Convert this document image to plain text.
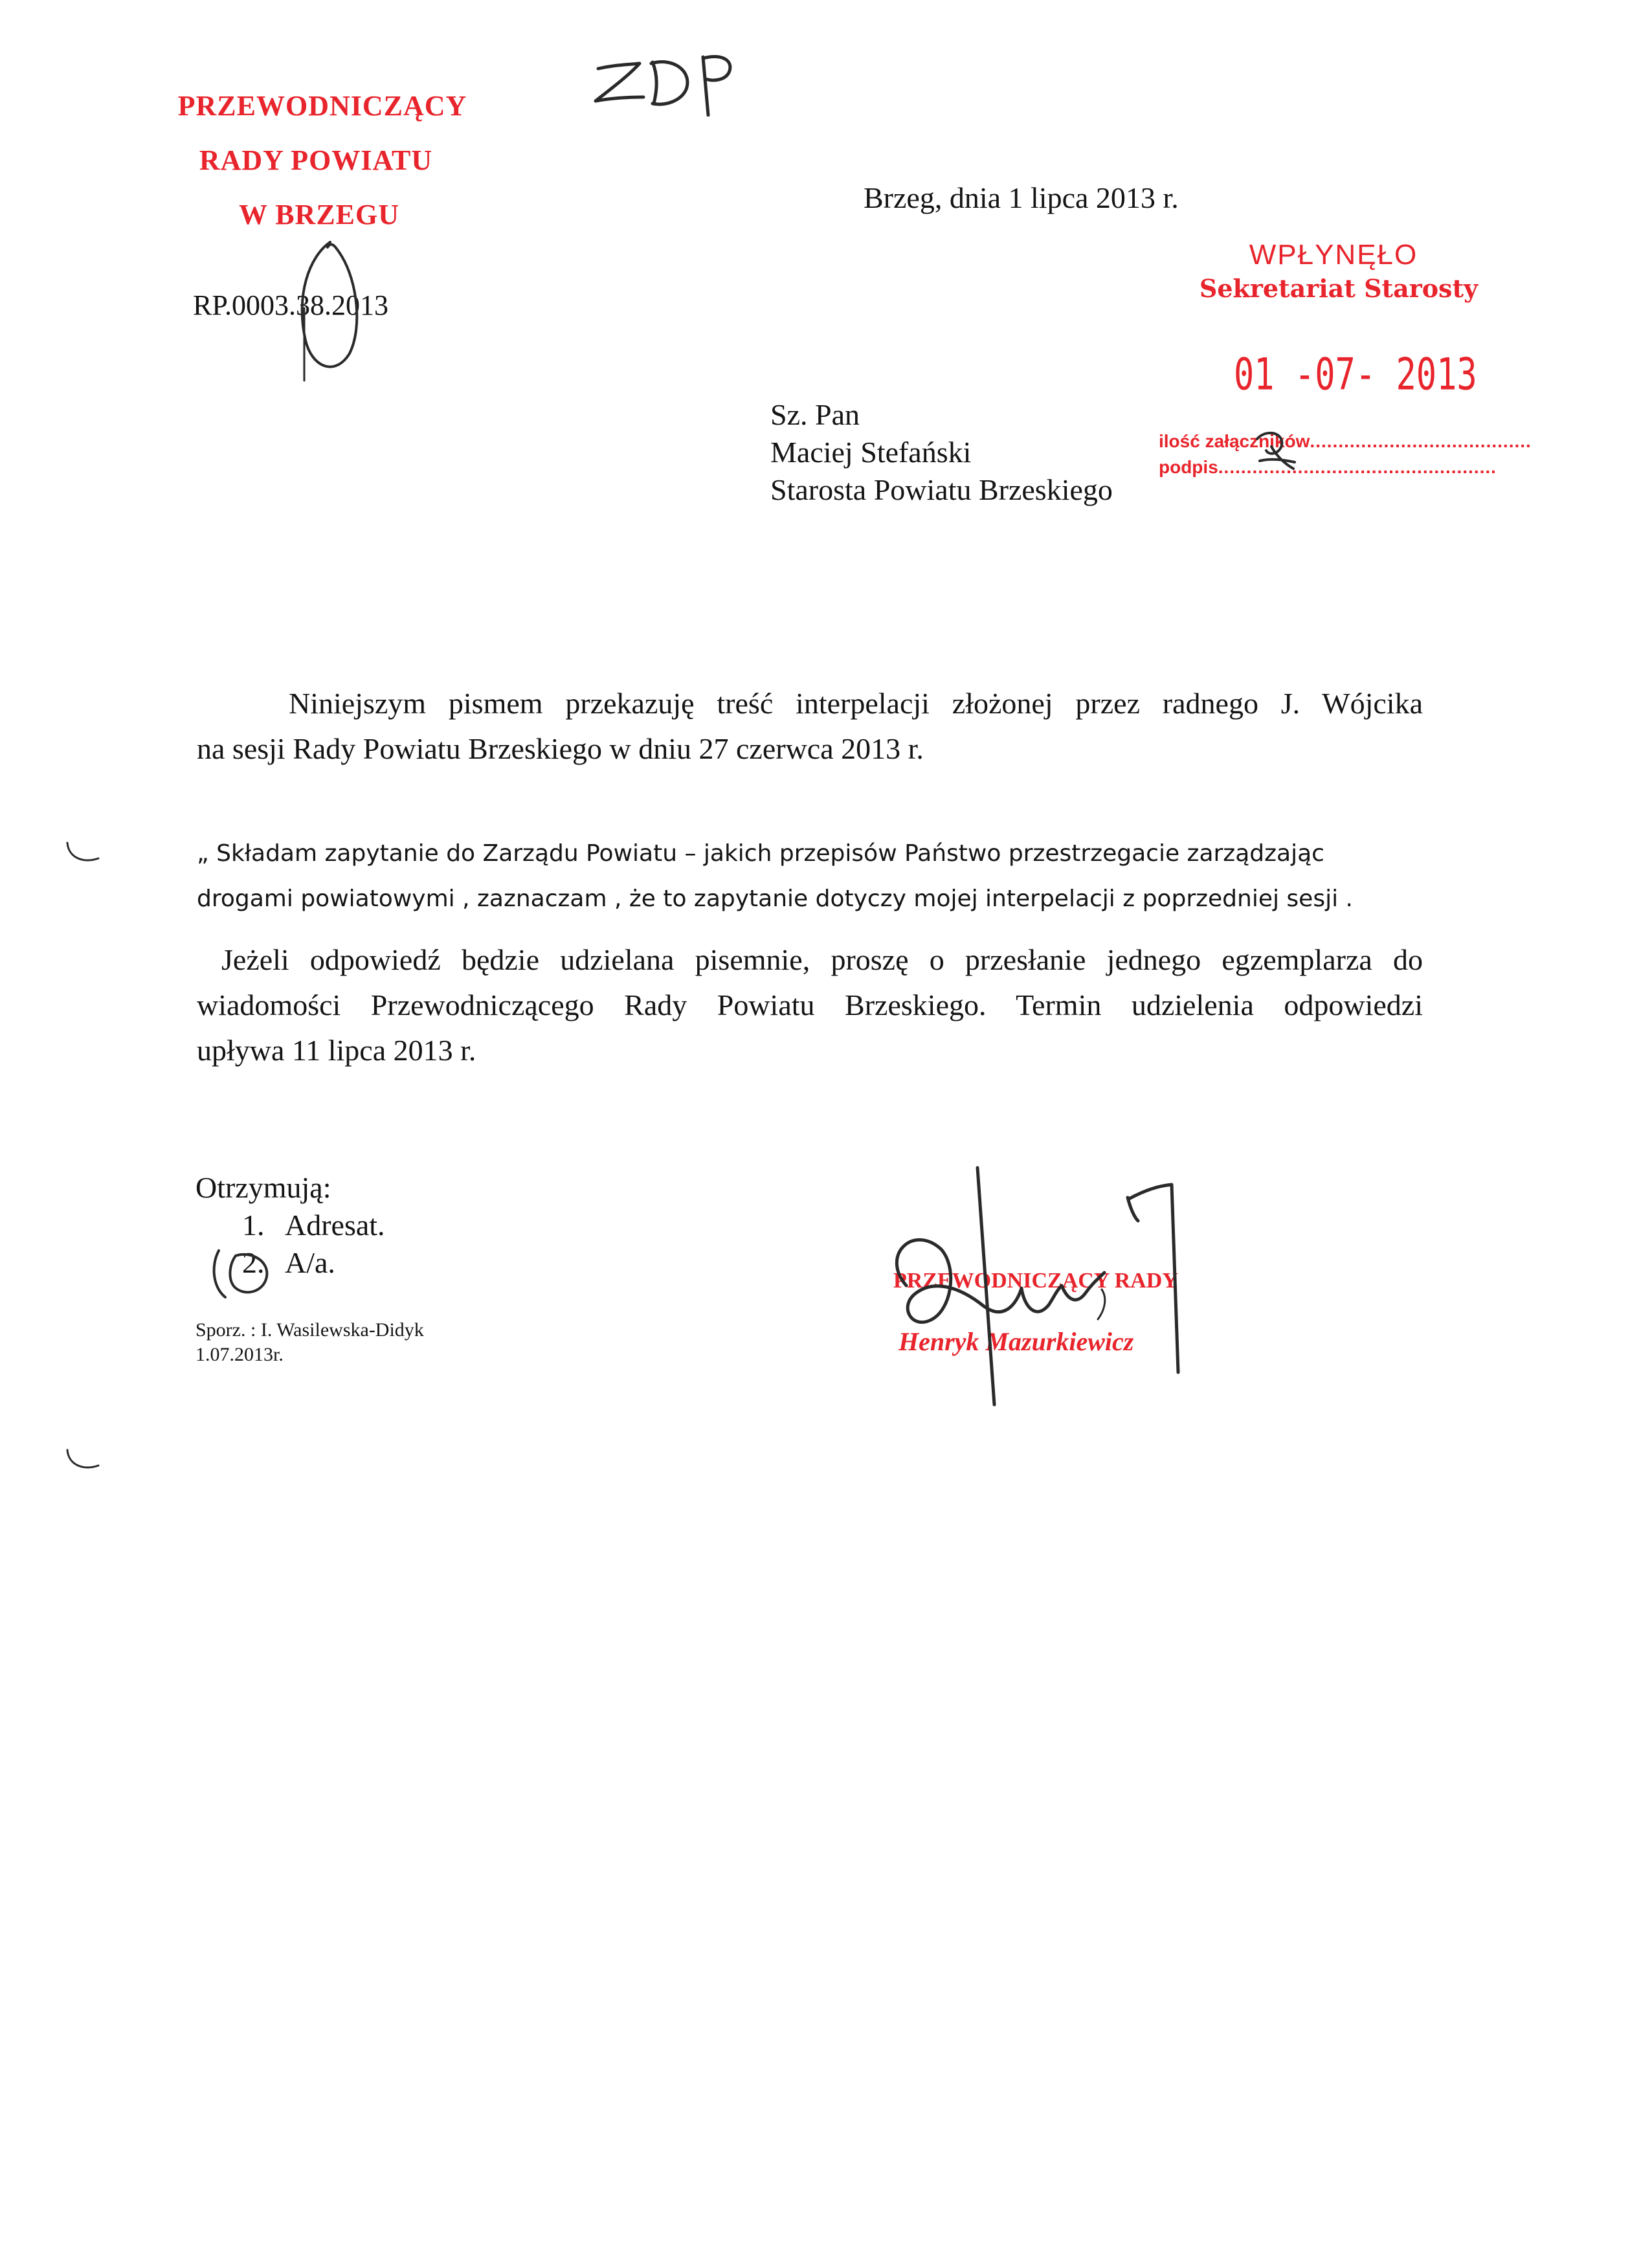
PRZEWODNICZĄCY
RADY POWIATU
W BRZEGU
RP.0003.38.2013
Brzeg, dnia 1 lipca 2013 r.
WPŁYNĘŁO
Sekretariat Starosty
01 -07- 2013
ilość załączników.......................................
podpis.................................................
Sz. Pan
Maciej Stefański
Starosta Powiatu Brzeskiego
Niniejszym pismem przekazuję treść interpelacji złożonej przez radnego J. Wójcika
na sesji Rady Powiatu Brzeskiego w dniu 27 czerwca 2013 r.
„ Składam zapytanie do Zarządu Powiatu – jakich przepisów Państwo przestrzegacie zarządzając
drogami powiatowymi , zaznaczam , że to zapytanie dotyczy mojej interpelacji z poprzedniej sesji .
Jeżeli odpowiedź będzie udzielana pisemnie, proszę o przesłanie jednego egzemplarza do
wiadomości Przewodniczącego Rady Powiatu Brzeskiego. Termin udzielenia odpowiedzi
upływa 11 lipca 2013 r.
Otrzymują:
1. Adresat.
2. A/a.
Sporz. : I. Wasilewska-Didyk
1.07.2013r.
PRZEWODNICZĄCY RADY
Henryk Mazurkiewicz
